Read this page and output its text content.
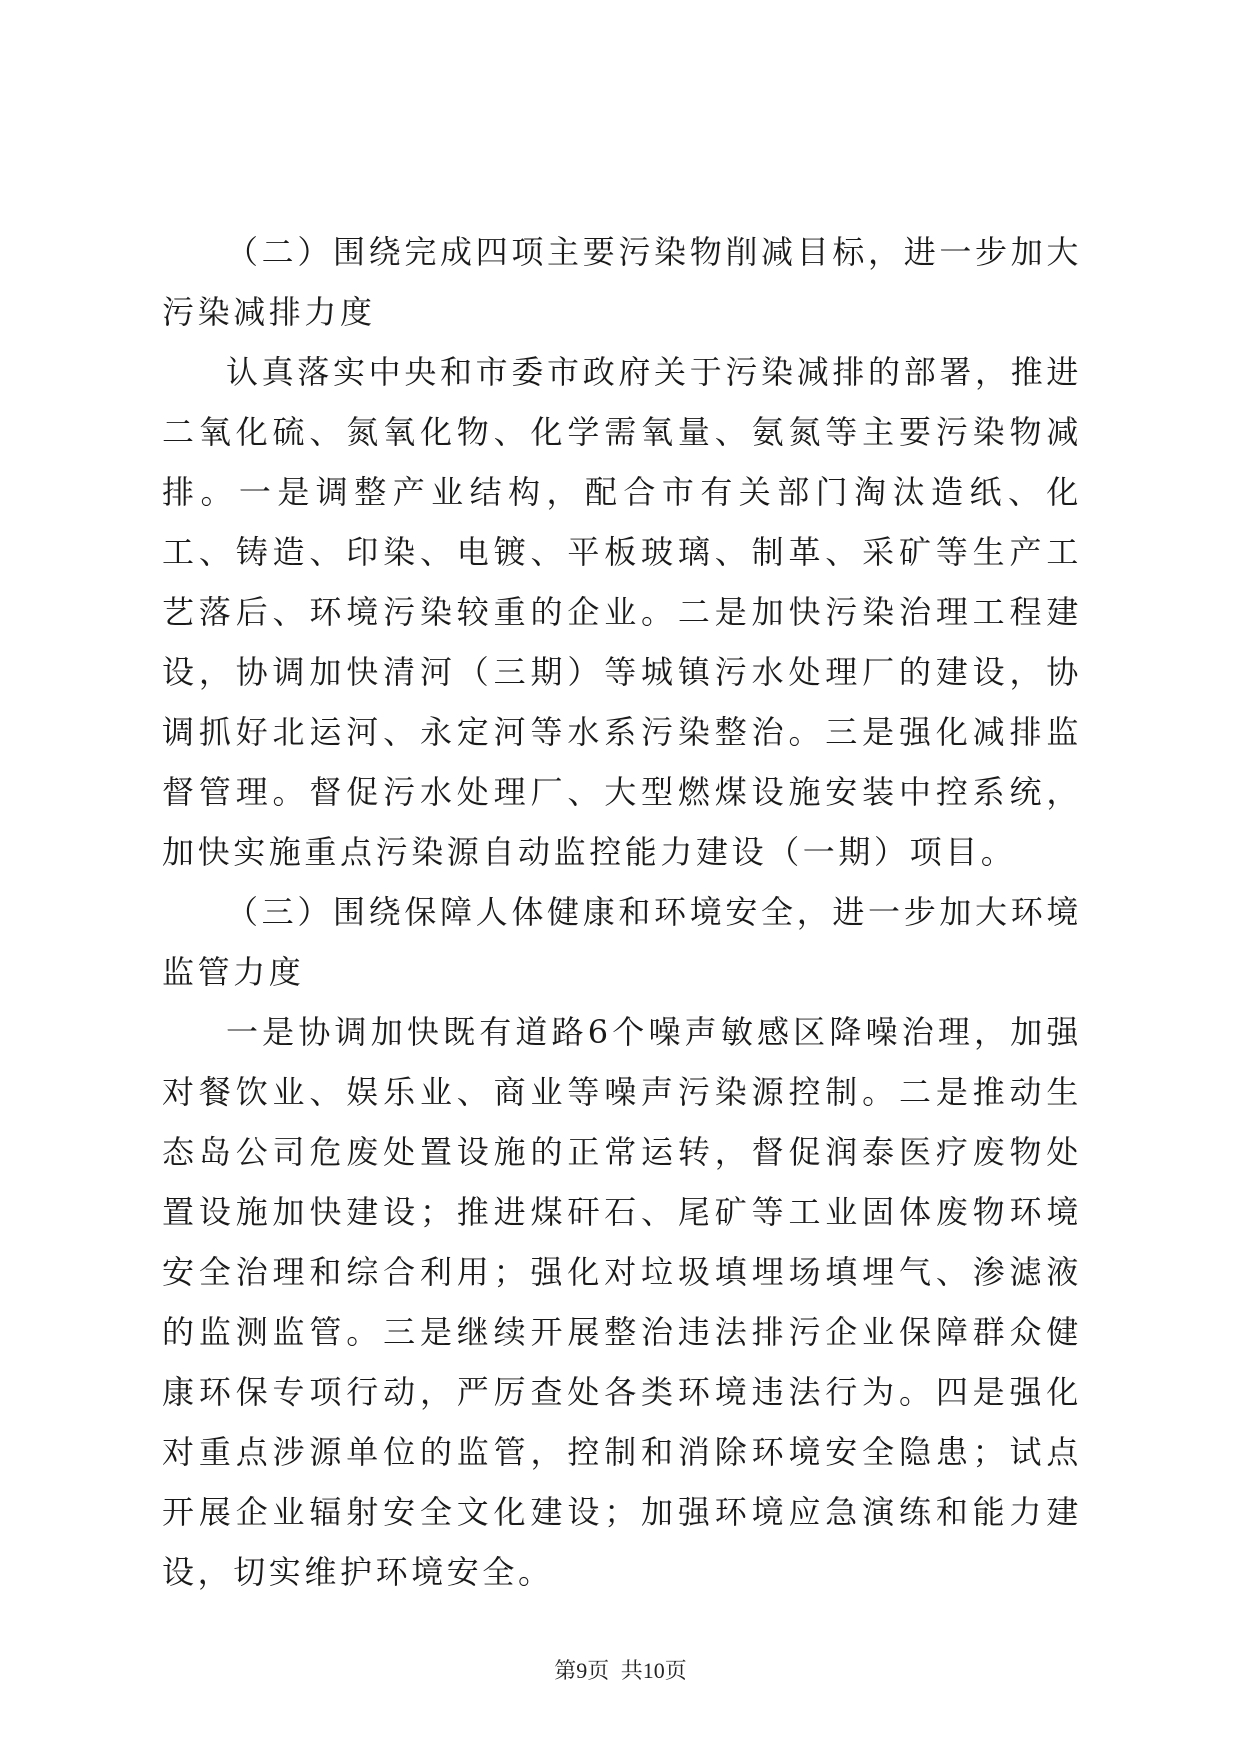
（二）围绕完成四项主要污染物削减目标，进一步加大污染减排力度

认真落实中央和市委市政府关于污染减排的部署，推进二氧化硫、氮氧化物、化学需氧量、氨氮等主要污染物减排。一是调整产业结构，配合市有关部门淘汰造纸、化工、铸造、印染、电镀、平板玻璃、制革、采矿等生产工艺落后、环境污染较重的企业。二是加快污染治理工程建设，协调加快清河（三期）等城镇污水处理厂的建设，协调抓好北运河、永定河等水系污染整治。三是强化减排监督管理。督促污水处理厂、大型燃煤设施安装中控系统，加快实施重点污染源自动监控能力建设（一期）项目。

（三）围绕保障人体健康和环境安全，进一步加大环境监管力度

一是协调加快既有道路6个噪声敏感区降噪治理，加强对餐饮业、娱乐业、商业等噪声污染源控制。二是推动生态岛公司危废处置设施的正常运转，督促润泰医疗废物处置设施加快建设；推进煤矸石、尾矿等工业固体废物环境安全治理和综合利用；强化对垃圾填埋场填埋气、渗滤液的监测监管。三是继续开展整治违法排污企业保障群众健康环保专项行动，严厉查处各类环境违法行为。四是强化对重点涉源单位的监管，控制和消除环境安全隐患；试点开展企业辐射安全文化建设；加强环境应急演练和能力建设，切实维护环境安全。

第9页 共10页
